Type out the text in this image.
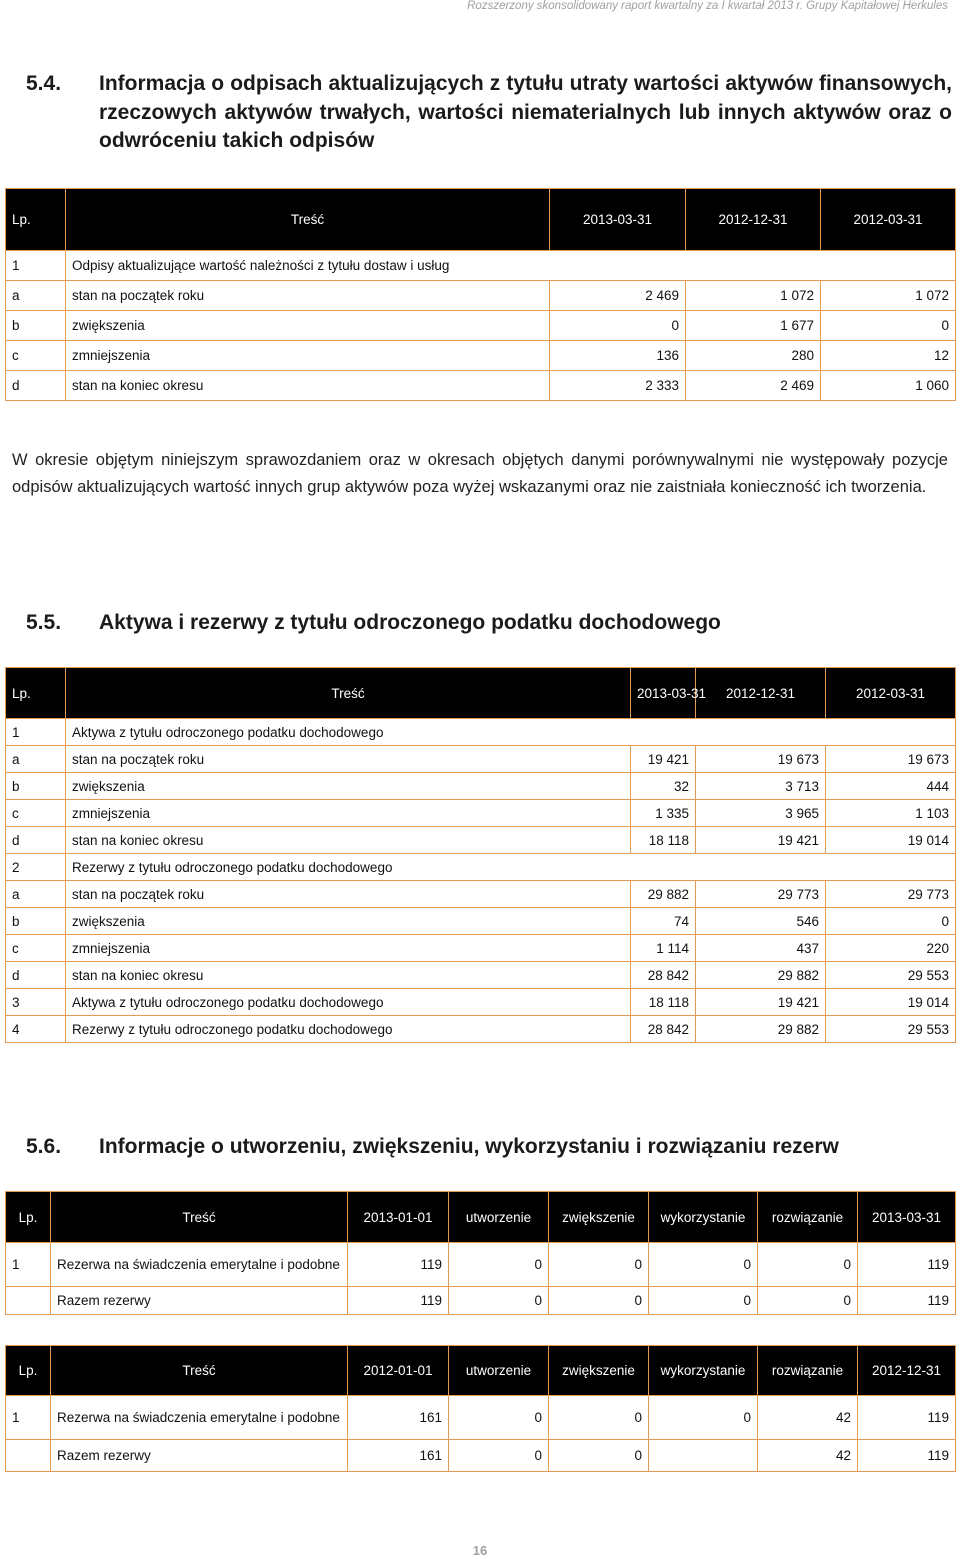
Rozszerzony skonsolidowany raport kwartalny za I kwartał 2013 r. Grupy Kapitałowej Herkules
5.4. Informacja o odpisach aktualizujących z tytułu utraty wartości aktywów finansowych, rzeczowych aktywów trwałych, wartości niematerialnych lub innych aktywów oraz o odwróceniu takich odpisów
Lp.	Treść	2013-03-31	2012-12-31	2012-03-31
1	Odpisy aktualizujące wartość należności z tytułu dostaw i usług			
a	stan na początek roku	2 469	1 072	1 072
b	zwiększenia	0	1 677	0
c	zmniejszenia	136	280	12
d	stan na koniec okresu	2 333	2 469	1 060

W okresie objętym niniejszym sprawozdaniem oraz w okresach objętych danymi porównywalnymi nie występowały pozycje odpisów aktualizujących wartość innych grup aktywów poza wyżej wskazanymi oraz nie zaistniała konieczność ich tworzenia.

5.5. Aktywa i rezerwy z tytułu odroczonego podatku dochodowego
Lp.	Treść	2013-03-31	2012-12-31	2012-03-31
1	Aktywa z tytułu odroczonego podatku dochodowego			
a	stan na początek roku	19 421	19 673	19 673
b	zwiększenia	32	3 713	444
c	zmniejszenia	1 335	3 965	1 103
d	stan na koniec okresu	18 118	19 421	19 014
2	Rezerwy z tytułu odroczonego podatku dochodowego			
a	stan na początek roku	29 882	29 773	29 773
b	zwiększenia	74	546	0
c	zmniejszenia	1 114	437	220
d	stan na koniec okresu	28 842	29 882	29 553
3	Aktywa z tytułu odroczonego podatku dochodowego	18 118	19 421	19 014
4	Rezerwy z tytułu odroczonego podatku dochodowego	28 842	29 882	29 553
5.6. Informacje o utworzeniu, zwiększeniu, wykorzystaniu i rozwiązaniu rezerw
Lp.	Treść	2013-01-01	utworzenie	zwiększenie	wykorzystanie	rozwiązanie	2013-03-31
1	Rezerwa na świadczenia emerytalne i podobne	119	0	0	0	0	119
	Razem rezerwy	119	0	0	0	0	119
Lp.	Treść	2012-01-01	utworzenie	zwiększenie	wykorzystanie	rozwiązanie	2012-12-31
1	Rezerwa na świadczenia emerytalne i podobne	161	0	0	0	42	119
	Razem rezerwy	161	0	0		42	119
16
